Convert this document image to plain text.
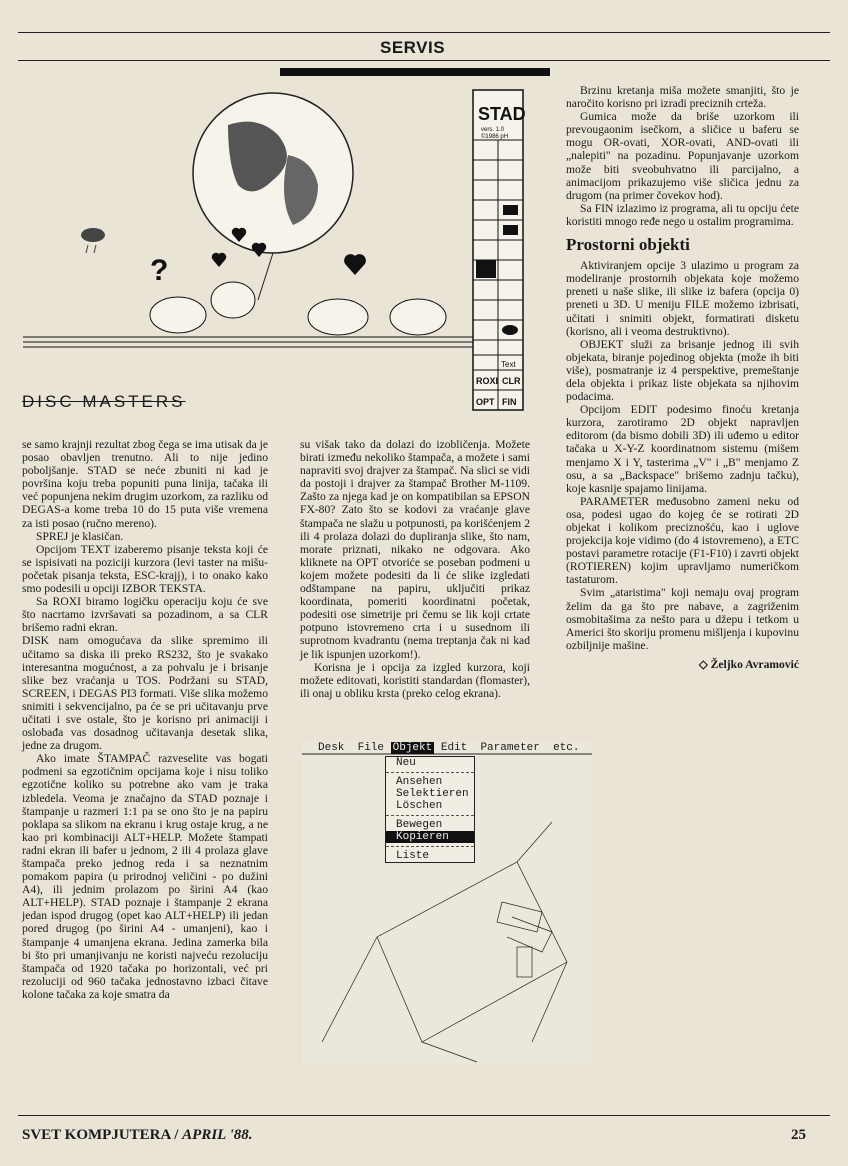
SERVIS
?
STAD
vers. 1.0
©1986 pH
Text
ROXI CLR
OPT FIN
DISC MASTERS

se samo krajnji rezultat zbog čega se ima utisak da je posao obavljen trenutno. Ali to nije jedino poboljšanje. STAD se neće zbuniti ni kad je površina koju treba popuniti puna linija, tačaka ili već popunjena nekim drugim uzorkom, za razliku od DEGAS-a kome treba 10 do 15 puta više vremena za isti posao (ručno mereno).

SPREJ je klasičan.

Opcijom TEXT izaberemo pisanje teksta koji će se ispisivati na poziciji kurzora (levi taster na mišu-početak pisanja teksta, ESC-krajj), i to onako kako smo podesili u opciji IZBOR TEKSTA.

Sa ROXI biramo logičku operaciju koju će sve što nacrtamo izvršavati sa pozadinom, a sa CLR brišemo radni ekran.

DISK nam omogućava da slike spremimo ili učitamo sa diska ili preko RS232, što je svakako interesantna mogućnost, a za pohvalu je i brisanje slike bez vraćanja u TOS. Podržani su STAD, SCREEN, i DEGAS PI3 formati. Više slika možemo snimiti i sekvencijalno, pa će se pri učitavanju prve učitati i sve ostale, što je korisno pri animaciji i oslobađa vas dosadnog učitavanja desetak slika, jedne za drugom.

Ako imate ŠTAMPAČ razveselite vas bogati podmeni sa egzotičnim opcijama koje i nisu toliko egzotične koliko su potrebne ako vam je traka izbledela. Veoma je značajno da STAD poznaje i štampanje u razmeri 1:1 pa se ono što je na papiru poklapa sa slikom na ekranu i krug ostaje krug, a ne kao pri kombinaciji ALT+HELP. Možete štampati radni ekran ili bafer u jednom, 2 ili 4 prolaza glave štampača preko jednog reda i sa neznatnim pomakom papira (u prirodnoj veličini - po dužini A4), ili jednim prolazom po širini A4 (kao ALT+HELP). STAD poznaje i štampanje 2 ekrana jedan ispod drugog (opet kao ALT+HELP) ili jedan pored drugog (po širini A4 - umanjeni), kao i štampanje 4 umanjena ekrana. Jedina zamerka bila bi što pri umanjivanju ne koristi najveću rezoluciju štampača od 1920 tačaka po horizontali, već pri rezoluciji od 960 tačaka jednostavno izbaci čitave kolone tačaka za koje smatra da

su višak tako da dolazi do izobličenja. Možete birati između nekoliko štampača, a možete i sami napraviti svoj drajver za štampač. Na slici se vidi da postoji i drajver za štampač Brother M-1109. Zašto za njega kad je on kompatibilan sa EPSON FX-80? Zato što se kodovi za vraćanje glave štampača ne slažu u potpunosti, pa korišćenjem 2 ili 4 prolaza dolazi do dupliranja slike, što nam, morate priznati, nikako ne odgovara. Ako kliknete na OPT otvoriće se poseban podmeni u kojem možete podesiti da li će slike izgledati odštampane na papiru, uključiti prikaz koordinata, pomeriti koordinatni početak, podesiti ose simetrije pri čemu se lik koji crtate potpuno istovremeno crta i u susednom ili suprotnom kvadrantu (nema treptanja čak ni kad je lik ispunjen uzorkom!).

Korisna je i opcija za izgled kurzora, koji možete editovati, koristiti standardan (flomaster), ili onaj u obliku krsta (preko celog ekrana).

Brzinu kretanja miša možete smanjiti, što je naročito korisno pri izradi preciznih crteža.

Gumica može da briše uzorkom ili prevougaonim isečkom, a sličice u baferu se mogu OR-ovati, XOR-ovati, AND-ovati ili „nalepiti" na pozadinu. Popunjavanje uzorkom može biti sveobuhvatno ili parcijalno, a animacijom prikazujemo više sličica jednu za drugom (na primer čovekov hod).

Sa FIN izlazimo iz programa, ali tu opciju ćete koristiti mnogo ređe nego u ostalim programima.

Prostorni objekti

Aktiviranjem opcije 3 ulazimo u program za modeliranje prostornih objekata koje možemo preneti u naše slike, ili slike iz bafera (opcija 0) preneti u 3D. U meniju FILE možemo izbrisati, učitati i snimiti objekt, formatirati disketu (korisno, ali i veoma destruktivno).

OBJEKT služi za brisanje jednog ili svih objekata, biranje pojedinog objekta (može ih biti više), posmatranje iz 4 perspektive, premeštanje dela objekta i prikaz liste objekata sa njihovim podacima.

Opcijom EDIT podesimo finoću kretanja kurzora, zarotiramo 2D objekt napravljen editorom (da bismo dobili 3D) ili uđemo u editor tačaka u X-Y-Z koordinatnom sistemu (mišem menjamo X i Y, tasterima „V" i „B" menjamo Z osu, a sa „Backspace" brišemo zadnju tačku), koje kasnije spajamo linijama.

PARAMETER međusobno zameni neku od osa, podesi ugao do kojeg će se rotirati 2D objekat i kolikom preciznošću, kao i uglove projekcija koje vidimo (do 4 istovremeno), a ETC postavi parametre rotacije (F1-F10) i zavrti objekt (ROTIEREN) kojim upravljamo numeričkom tastaturom.

Svim „ataristima" koji nemaju ovaj program želim da ga što pre nabave, a zagriženim osmobitašima za nešto para u džepu i tetkom u Americi što skoriju promenu mišljenja i kupovinu ozbiljnije mašine.

◇ Željko Avramović
Desk File Objekt Edit Parameter etc.
Neu
Ansehen
Selektieren
Löschen
Bewegen
Kopieren
Liste
SVET KOMPJUTERA / APRIL '88.	25
